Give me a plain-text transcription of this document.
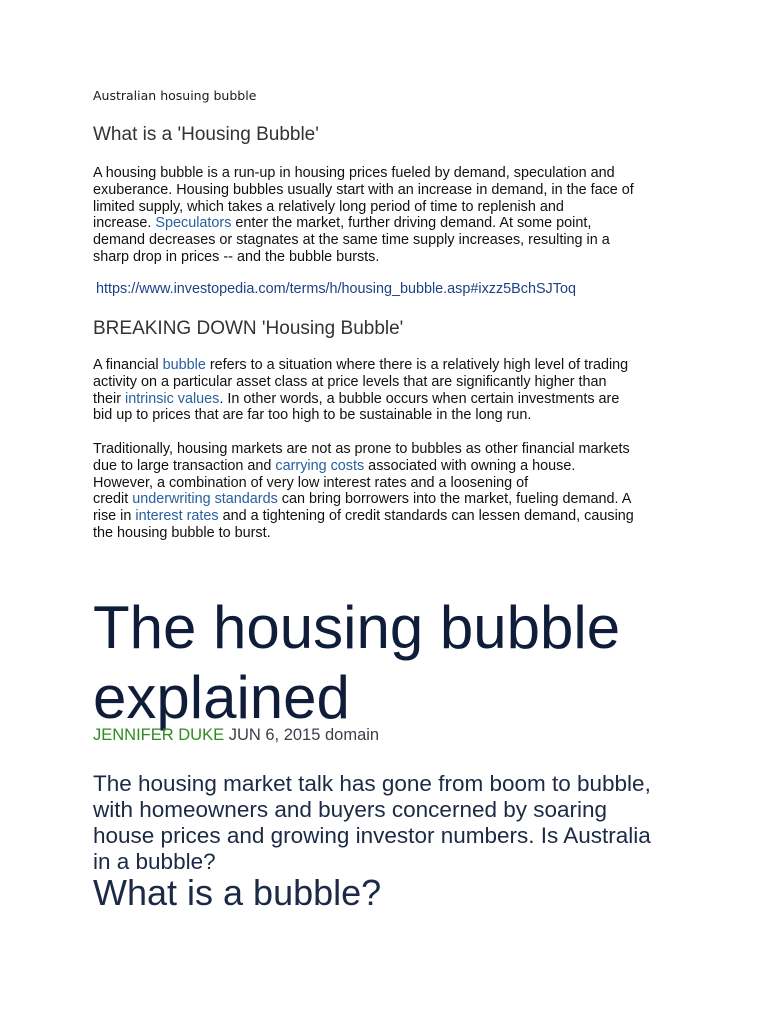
Australian hosuing bubble
What is a 'Housing Bubble'
A housing bubble is a run-up in housing prices fueled by demand, speculation and
exuberance. Housing bubbles usually start with an increase in demand, in the face of
limited supply, which takes a relatively long period of time to replenish and
increase. Speculators enter the market, further driving demand. At some point,
demand decreases or stagnates at the same time supply increases, resulting in a
sharp drop in prices -- and the bubble bursts.
https://www.investopedia.com/terms/h/housing_bubble.asp#ixzz5BchSJToq
BREAKING DOWN 'Housing Bubble'
A financial bubble refers to a situation where there is a relatively high level of trading
activity on a particular asset class at price levels that are significantly higher than
their intrinsic values. In other words, a bubble occurs when certain investments are
bid up to prices that are far too high to be sustainable in the long run.
Traditionally, housing markets are not as prone to bubbles as other financial markets
due to large transaction and carrying costs associated with owning a house.
However, a combination of very low interest rates and a loosening of
credit underwriting standards can bring borrowers into the market, fueling demand. A
rise in interest rates and a tightening of credit standards can lessen demand, causing
the housing bubble to burst.
The housing bubble
explained
JENNIFER DUKE JUN 6, 2015 domain
The housing market talk has gone from boom to bubble,
with homeowners and buyers concerned by soaring
house prices and growing investor numbers. Is Australia
in a bubble?
What is a bubble?
